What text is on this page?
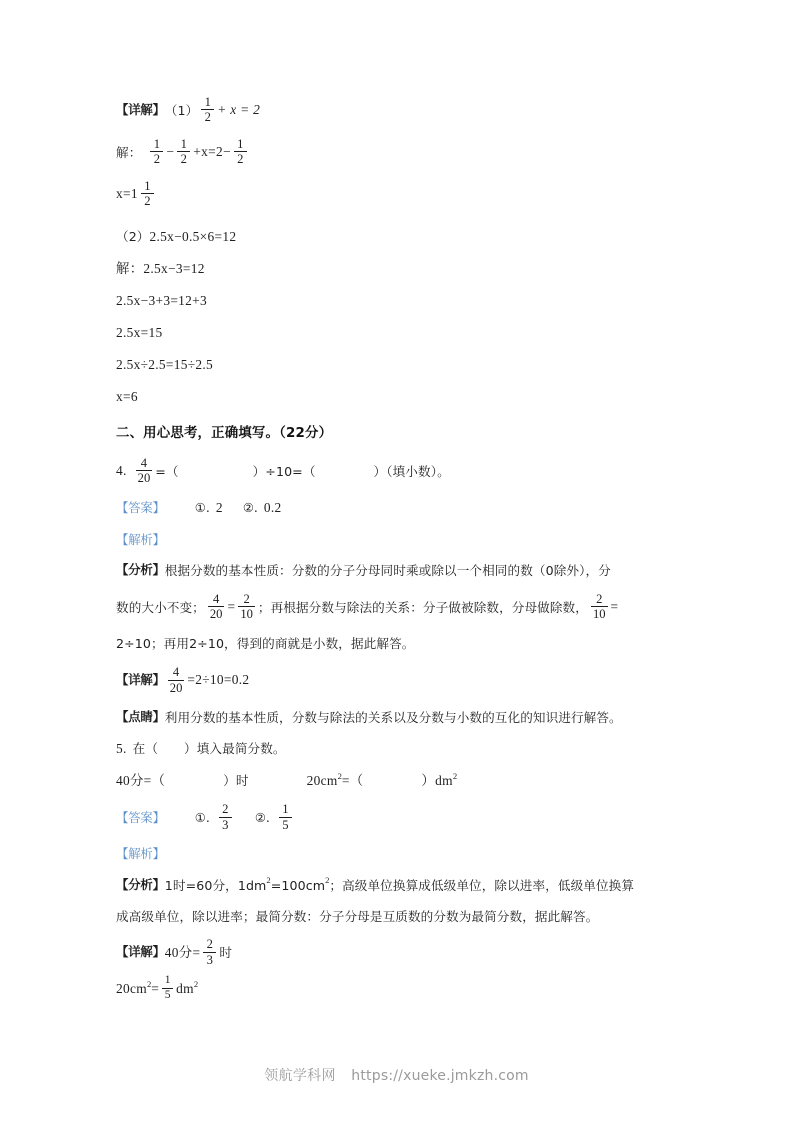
【详解】 $(1) \frac{1}{2} + x = 2$
解： $\frac{1}{2} - \frac{1}{2} +x=2- \frac{1}{2}$
$x=1 \frac{1}{2}$
（2） 2.5x−0.5×6=12
解：2.5x−3=12
2.5x−3+3=12+3
2.5x=15
2.5x÷2.5=15÷2.5
x=6
二、用心思考，正确填写。（22分）
4. $\frac{4}{20}$ =（	）÷10=（	）（填小数）。
【答案】 ①. 2 ②. 0.2
【解析】
【分析】 根据分数的基本性质：分数的分子分母同时乘或除以一个相同的数（0除外），分
数的大小不变； $\frac{4}{20} = \frac{2}{10}$ ；再根据分数与除法的关系：分子做被除数，分母做除数， $\frac{2}{10}$ =
2÷10；再用2÷10，得到的商就是小数，据此解答。
【详解】 $\frac{4}{20} =2\div 10=0.2$
【点睛】 利用分数的基本性质，分数与除法的关系以及分数与小数的互化的知识进行解答。
5. 在（ ）填入最简分数。
40分=（	）时	20cm 2 =（	）dm 2
【答案】 ①. $\frac{2}{3}$ ②. $\frac{1}{5}$
【解析】
【分析】 1时=60分，1dm 2 =100cm 2 ；高级单位换算成低级单位，除以进率，低级单位换算
成高级单位，除以进率；最简分数：分子分母是互质数的分数为最简分数，据此解答。
【详解】 40分= $\frac{2}{3}$ 时
20cm $2 = \frac{1}{5}$ dm 2
领航学科网 https://xueke.jmkzh.com
